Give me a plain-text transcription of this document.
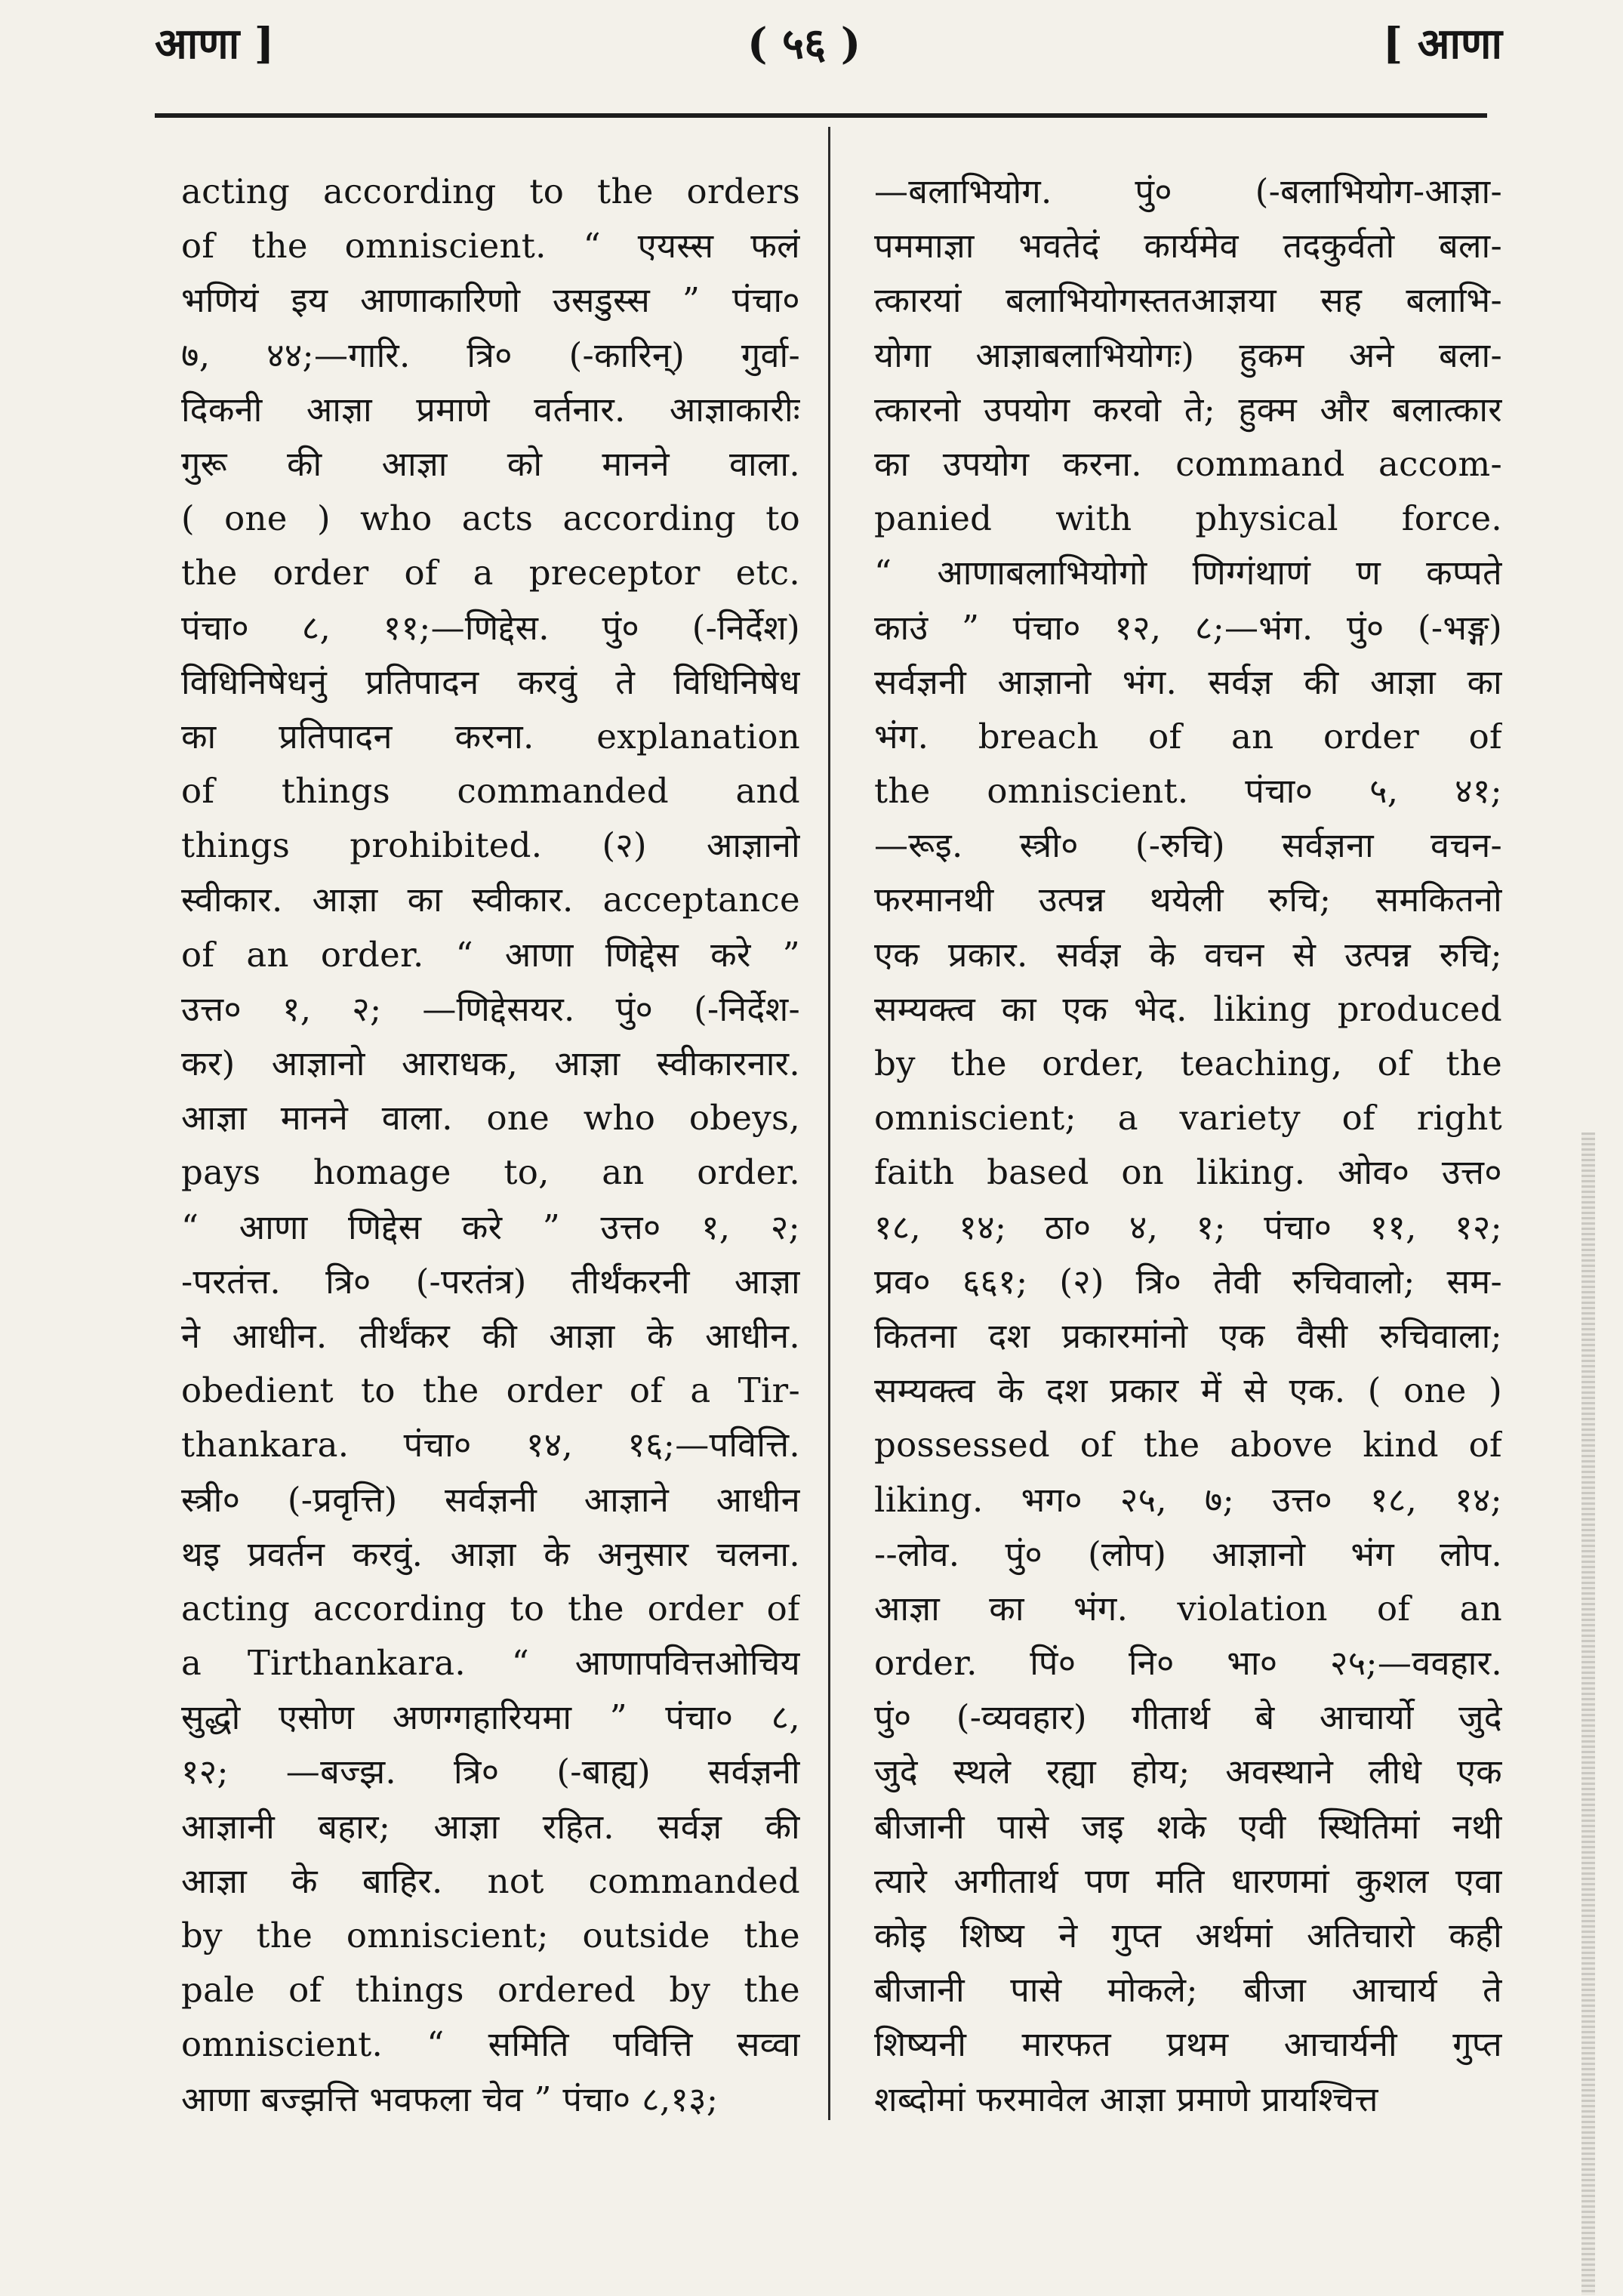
आणा ]	( ५६ )	[ आणा
acting according to the orders
of the omniscient. “ एयस्स फलं
भणियं इय आणाकारिणो उसडुस्स ” पंचा०
७, ४४;—गारि. त्रि० (-कारिन्) गुर्वा-
दिकनी आज्ञा प्रमाणे वर्तनार. आज्ञाकारीः
गुरू की आज्ञा को मानने वाला.
( one ) who acts according to
the order of a preceptor etc.
पंचा० ८, ११;—णिद्देस. पुं० (-निर्देश)
विधिनिषेधनुं प्रतिपादन करवुं ते विधिनिषेध
का प्रतिपादन करना. explanation
of things commanded and
things prohibited. (२) आज्ञानो
स्वीकार. आज्ञा का स्वीकार. acceptance
of an order. “ आणा णिद्देस करे ”
उत्त० १, २; —णिद्देसयर. पुं० (-निर्देश-
कर) आज्ञानो आराधक, आज्ञा स्वीकारनार.
आज्ञा मानने वाला. one who obeys,
pays homage to, an order.
“ आणा णिद्देस करे ” उत्त० १, २;
-परतंत्त. त्रि० (-परतंत्र) तीर्थंकरनी आज्ञा
ने आधीन. तीर्थंकर की आज्ञा के आधीन.
obedient to the order of a Tir-
thankara. पंचा० १४, १६;—पवित्ति.
स्त्री० (-प्रवृत्ति) सर्वज्ञनी आज्ञाने आधीन
थइ प्रवर्तन करवुं. आज्ञा के अनुसार चलना.
acting according to the order of
a Tirthankara. “ आणापवित्तओचिय
सुद्धो एसोण अणग्गहारियमा ” पंचा० ८,
१२; —बज्झ. त्रि० (-बाह्य) सर्वज्ञनी
आज्ञानी बहार; आज्ञा रहित. सर्वज्ञ की
आज्ञा के बाहिर. not commanded
by the omniscient; outside the
pale of things ordered by the
omniscient. “ समिति पवित्ति सव्वा
आणा बज्झत्ति भवफला चेव ” पंचा० ८,१३;
—बलाभियोग. पुं० (-बलाभियोग-आज्ञा-
पममाज्ञा भवतेदं कार्यमेव तदकुर्वतो बला-
त्कारयां बलाभियोगस्ततआज्ञया सह बलाभि-
योगा आज्ञाबलाभियोगः) हुकम अने बला-
त्कारनो उपयोग करवो ते; हुक्म और बलात्कार
का उपयोग करना. command accom-
panied with physical force.
“ आणाबलाभियोगो णिग्गंथाणं ण कप्पते
काउं ” पंचा० १२, ८;—भंग. पुं० (-भङ्ग)
सर्वज्ञनी आज्ञानो भंग. सर्वज्ञ की आज्ञा का
भंग. breach of an order of
the omniscient. पंचा० ५, ४१;
—रूइ. स्त्री० (-रुचि) सर्वज्ञना वचन-
फरमानथी उत्पन्न थयेली रुचि; समकितनो
एक प्रकार. सर्वज्ञ के वचन से उत्पन्न रुचि;
सम्यक्त्व का एक भेद. liking produced
by the order, teaching, of the
omniscient; a variety of right
faith based on liking. ओव० उत्त०
१८, १४; ठा० ४, १; पंचा० ११, १२;
प्रव० ६६१; (२) त्रि० तेवी रुचिवालो; सम-
कितना दश प्रकारमांनो एक वैसी रुचिवाला;
सम्यक्त्व के दश प्रकार में से एक. ( one )
possessed of the above kind of
liking. भग० २५, ७; उत्त० १८, १४;
--लोव. पुं० (लोप) आज्ञानो भंग लोप.
आज्ञा का भंग. violation of an
order. पिं० नि० भा० २५;—ववहार.
पुं० (-व्यवहार) गीतार्थ बे आचार्यो जुदे
जुदे स्थले रह्या होय; अवस्थाने लीधे एक
बीजानी पासे जइ शके एवी स्थितिमां नथी
त्यारे अगीतार्थ पण मति धारणमां कुशल एवा
कोइ शिष्य ने गुप्त अर्थमां अतिचारो कही
बीजानी पासे मोकले; बीजा आचार्य ते
शिष्यनी मारफत प्रथम आचार्यनी गुप्त
शब्दोमां फरमावेल आज्ञा प्रमाणे प्रायश्चित्त
